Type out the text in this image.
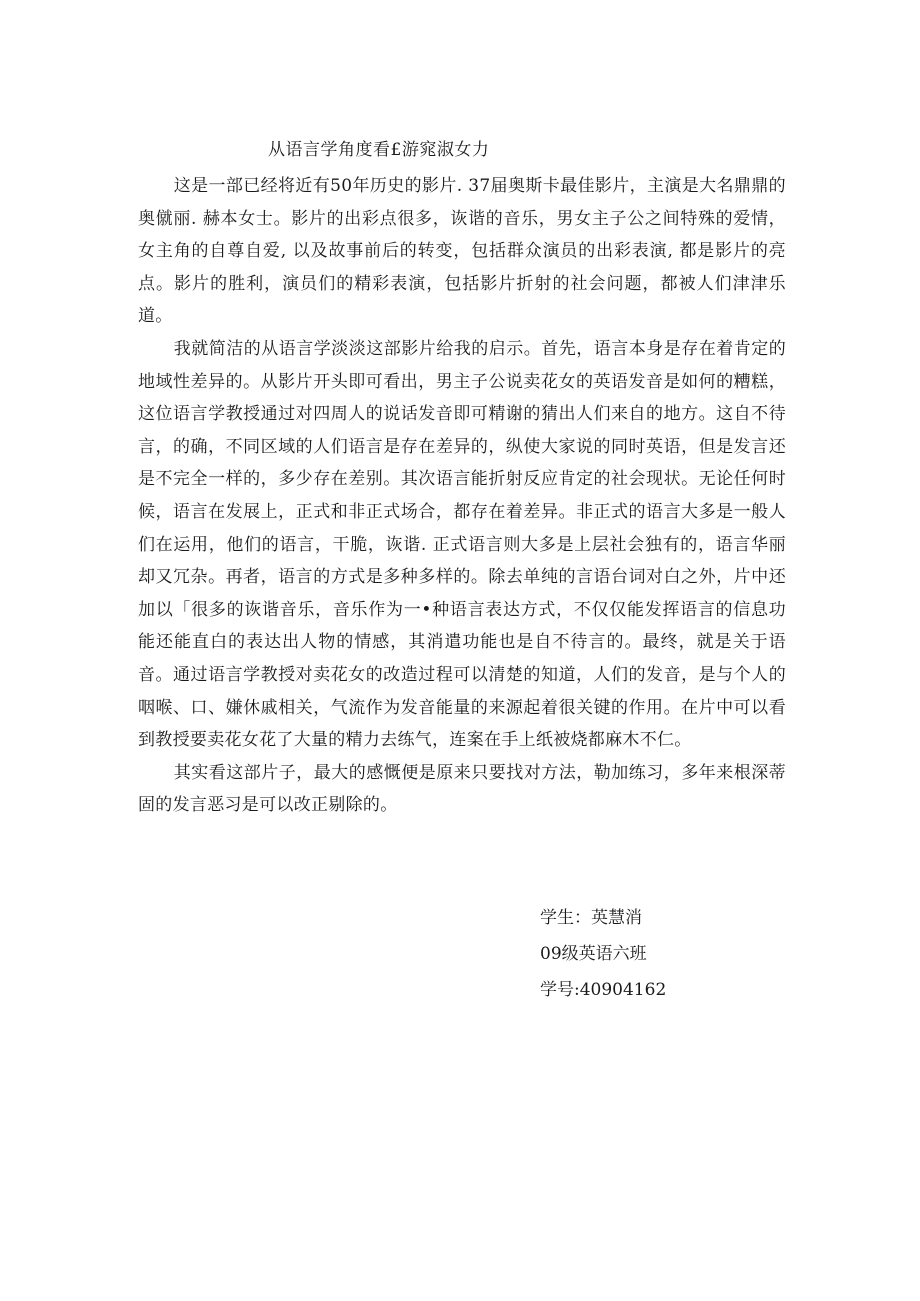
从语言学角度看£游窕淑女力

这是一部已经将近有50年历史的影片. 37届奥斯卡最佳影片，主演是大名鼎鼎的奥僦丽. 赫本女士。影片的出彩点很多，诙谐的音乐，男女主子公之间特殊的爱情，女主角的自尊自爱, 以及故事前后的转变，包括群众演员的出彩表演, 都是影片的亮点。影片的胜利，演员们的精彩表演，包括影片折射的社会问题，都被人们津津乐道。

我就简洁的从语言学淡淡这部影片给我的启示。首先，语言本身是存在着肯定的地域性差异的。从影片开头即可看出，男主子公说卖花女的英语发音是如何的糟糕，这位语言学教授通过对四周人的说话发音即可精谢的猜出人们来自的地方。这自不待言，的确，不同区域的人们语言是存在差异的，纵使大家说的同时英语，但是发言还是不完全一样的，多少存在差别。其次语言能折射反应肯定的社会现状。无论任何时候，语言在发展上，正式和非正式场合，都存在着差异。非正式的语言大多是一般人们在运用，他们的语言，干脆，诙谐. 正式语言则大多是上层社会独有的，语言华丽却又冗杂。再者，语言的方式是多种多样的。除去单纯的言语台词对白之外，片中还加以「很多的诙谐音乐，音乐作为一•种语言表达方式，不仅仅能发挥语言的信息功能还能直白的表达出人物的情感，其消遣功能也是自不待言的。最终，就是关于语音。通过语言学教授对卖花女的改造过程可以清楚的知道，人们的发音，是与个人的咽喉、口、嫌休戚相关，气流作为发音能量的来源起着很关键的作用。在片中可以看到教授要卖花女花了大量的精力去练气，连案在手上纸被烧都麻木不仁。

其实看这部片子，最大的感慨便是原来只要找对方法，勒加练习，多年来根深蒂固的发言恶习是可以改正剔除的。

学生：英慧消
09级英语六班
学号:40904162
